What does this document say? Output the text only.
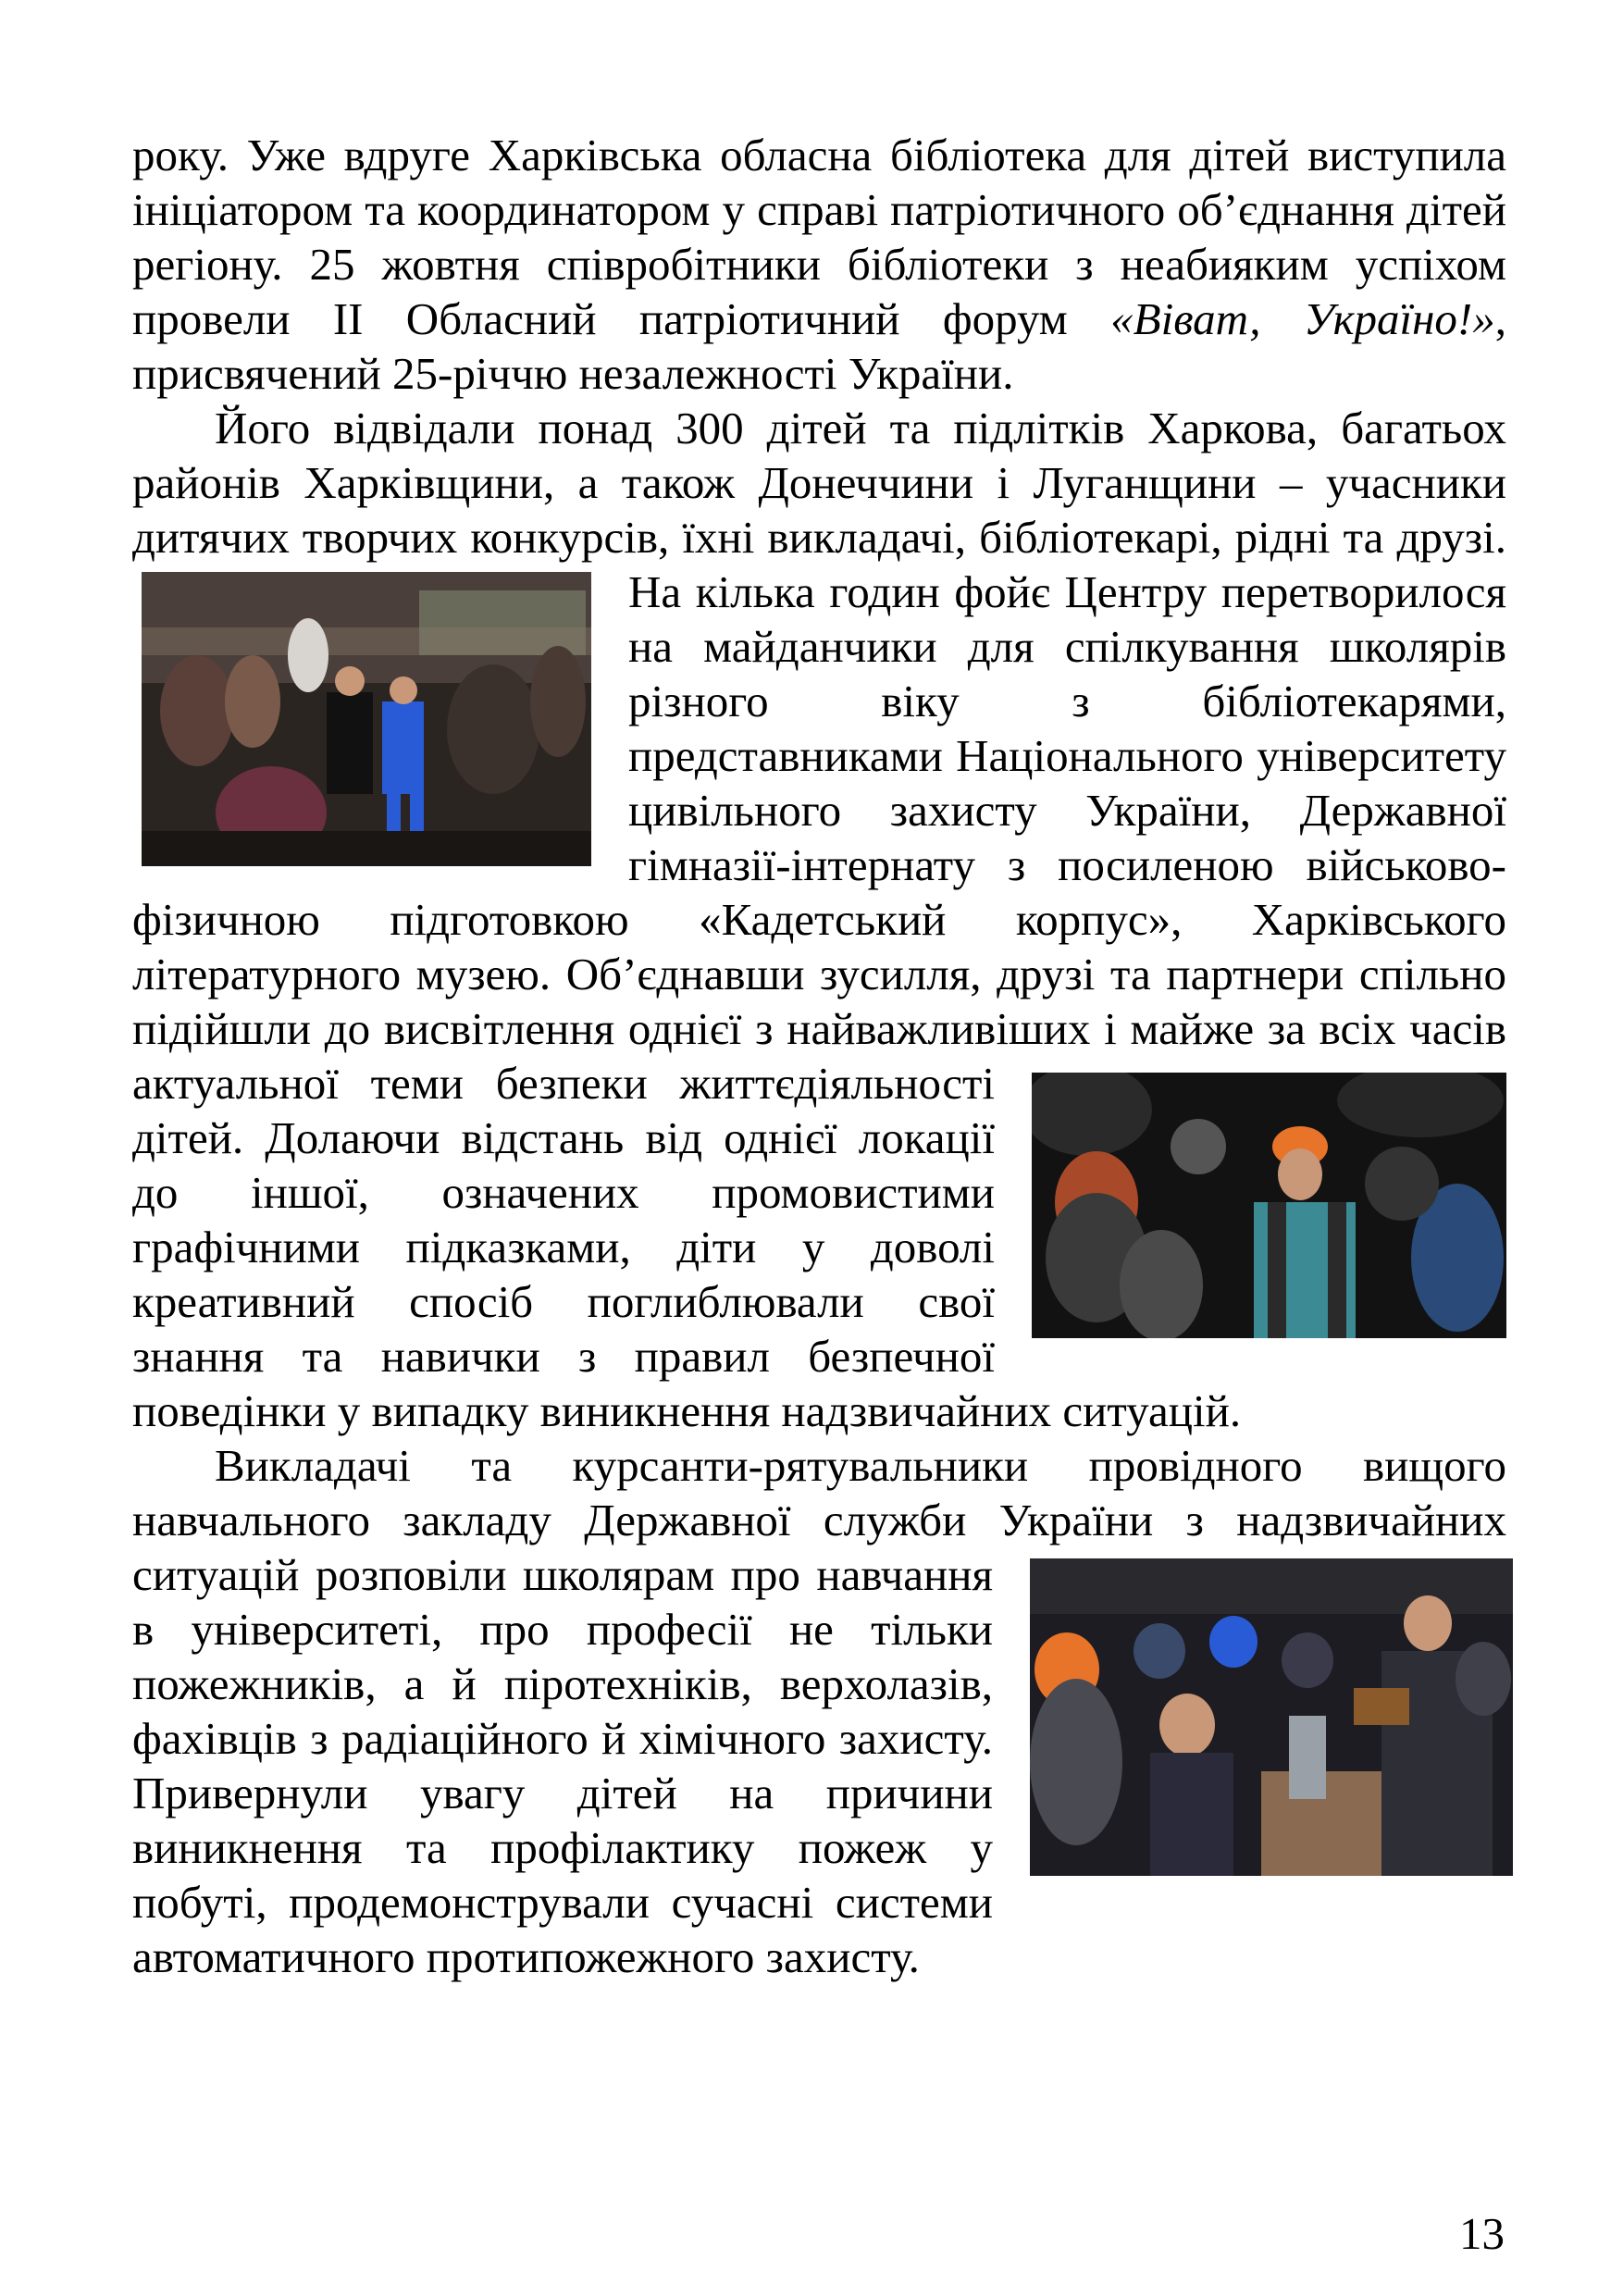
року. Уже вдруге Харківська обласна бібліотека для дітей виступила ініціатором та координатором у справі патріотичного об’єднання дітей регіону. 25 жовтня співробітники бібліотеки з неабияким успіхом провели II Обласний патріотичний форум «Віват, Україно!», присвячений 25-річчю незалежності України.

Його відвідали понад 300 дітей та підлітків Харкова, багатьох районів Харківщини, а також Донеччини і Луганщини – учасники дитячих творчих конкурсів, їхні викладачі, бібліотекарі, рідні та друзі. На кілька годин фойє
Центру перетворилося на майданчики для спілкування школярів різного віку з бібліотекарями, представниками Національного університету цивільного захисту України, Державної гімназії-інтернату з посиленою військово-фізичною підготовкою «Кадетський корпус», Харківського літературного музею. Об’єднавши зусилля, друзі та партнери спільно підійшли до висвітлення однієї з найважливіших і
майже за всіх часів актуальної теми безпеки життєдіяльності дітей. Долаючи відстань від однієї локації до іншої, означених промовистими графічними підказками, діти у доволі креативний спосіб поглиблювали свої знання та навички з правил безпечної поведінки у випадку виникнення надзвичайних ситуацій.

Викладачі та курсанти-рятувальники провідного вищого навчального закладу Державної служби України з
надзвичайних ситуацій розповіли школярам про навчання в університеті, про професії не тільки пожежників, а й піротехніків, верхолазів, фахівців з радіаційного й хімічного захисту. Привернули увагу дітей на причини виникнення та профілактику пожеж у побуті, продемонстрували сучасні системи автоматичного протипожежного захисту.

13
